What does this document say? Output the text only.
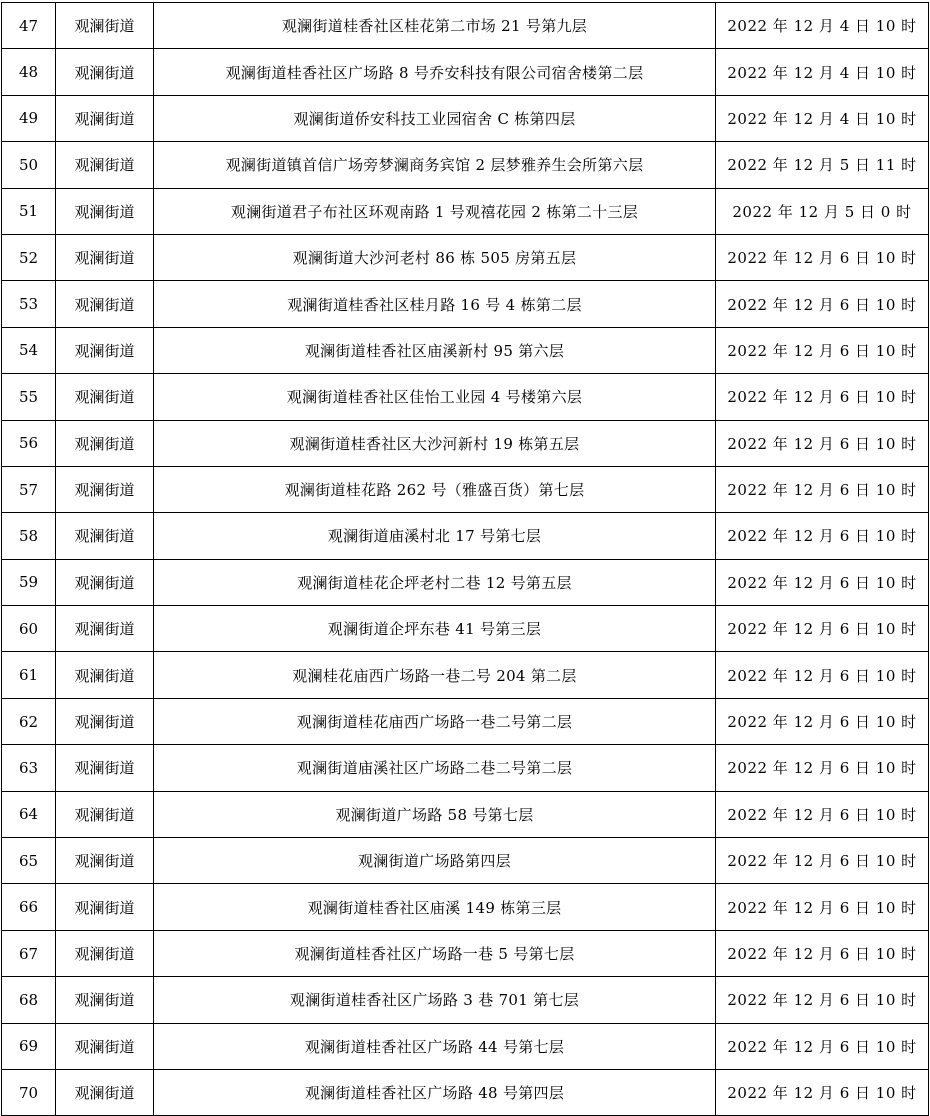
47	观澜街道	观澜街道桂香社区桂花第二市场 21 号第九层	2022 年 12 月 4 日 10 时
48	观澜街道	观澜街道桂香社区广场路 8 号乔安科技有限公司宿舍楼第二层	2022 年 12 月 4 日 10 时
49	观澜街道	观澜街道侨安科技工业园宿舍 C 栋第四层	2022 年 12 月 4 日 10 时
50	观澜街道	观澜街道镇首信广场旁梦澜商务宾馆 2 层梦雅养生会所第六层	2022 年 12 月 5 日 11 时
51	观澜街道	观澜街道君子布社区环观南路 1 号观禧花园 2 栋第二十三层	2022 年 12 月 5 日 0 时
52	观澜街道	观澜街道大沙河老村 86 栋 505 房第五层	2022 年 12 月 6 日 10 时
53	观澜街道	观澜街道桂香社区桂月路 16 号 4 栋第二层	2022 年 12 月 6 日 10 时
54	观澜街道	观澜街道桂香社区庙溪新村 95 第六层	2022 年 12 月 6 日 10 时
55	观澜街道	观澜街道桂香社区佳怡工业园 4 号楼第六层	2022 年 12 月 6 日 10 时
56	观澜街道	观澜街道桂香社区大沙河新村 19 栋第五层	2022 年 12 月 6 日 10 时
57	观澜街道	观澜街道桂花路 262 号（雅盛百货）第七层	2022 年 12 月 6 日 10 时
58	观澜街道	观澜街道庙溪村北 17 号第七层	2022 年 12 月 6 日 10 时
59	观澜街道	观澜街道桂花企坪老村二巷 12 号第五层	2022 年 12 月 6 日 10 时
60	观澜街道	观澜街道企坪东巷 41 号第三层	2022 年 12 月 6 日 10 时
61	观澜街道	观澜桂花庙西广场路一巷二号 204 第二层	2022 年 12 月 6 日 10 时
62	观澜街道	观澜街道桂花庙西广场路一巷二号第二层	2022 年 12 月 6 日 10 时
63	观澜街道	观澜街道庙溪社区广场路二巷二号第二层	2022 年 12 月 6 日 10 时
64	观澜街道	观澜街道广场路 58 号第七层	2022 年 12 月 6 日 10 时
65	观澜街道	观澜街道广场路第四层	2022 年 12 月 6 日 10 时
66	观澜街道	观澜街道桂香社区庙溪 149 栋第三层	2022 年 12 月 6 日 10 时
67	观澜街道	观澜街道桂香社区广场路一巷 5 号第七层	2022 年 12 月 6 日 10 时
68	观澜街道	观澜街道桂香社区广场路 3 巷 701 第七层	2022 年 12 月 6 日 10 时
69	观澜街道	观澜街道桂香社区广场路 44 号第七层	2022 年 12 月 6 日 10 时
70	观澜街道	观澜街道桂香社区广场路 48 号第四层	2022 年 12 月 6 日 10 时
